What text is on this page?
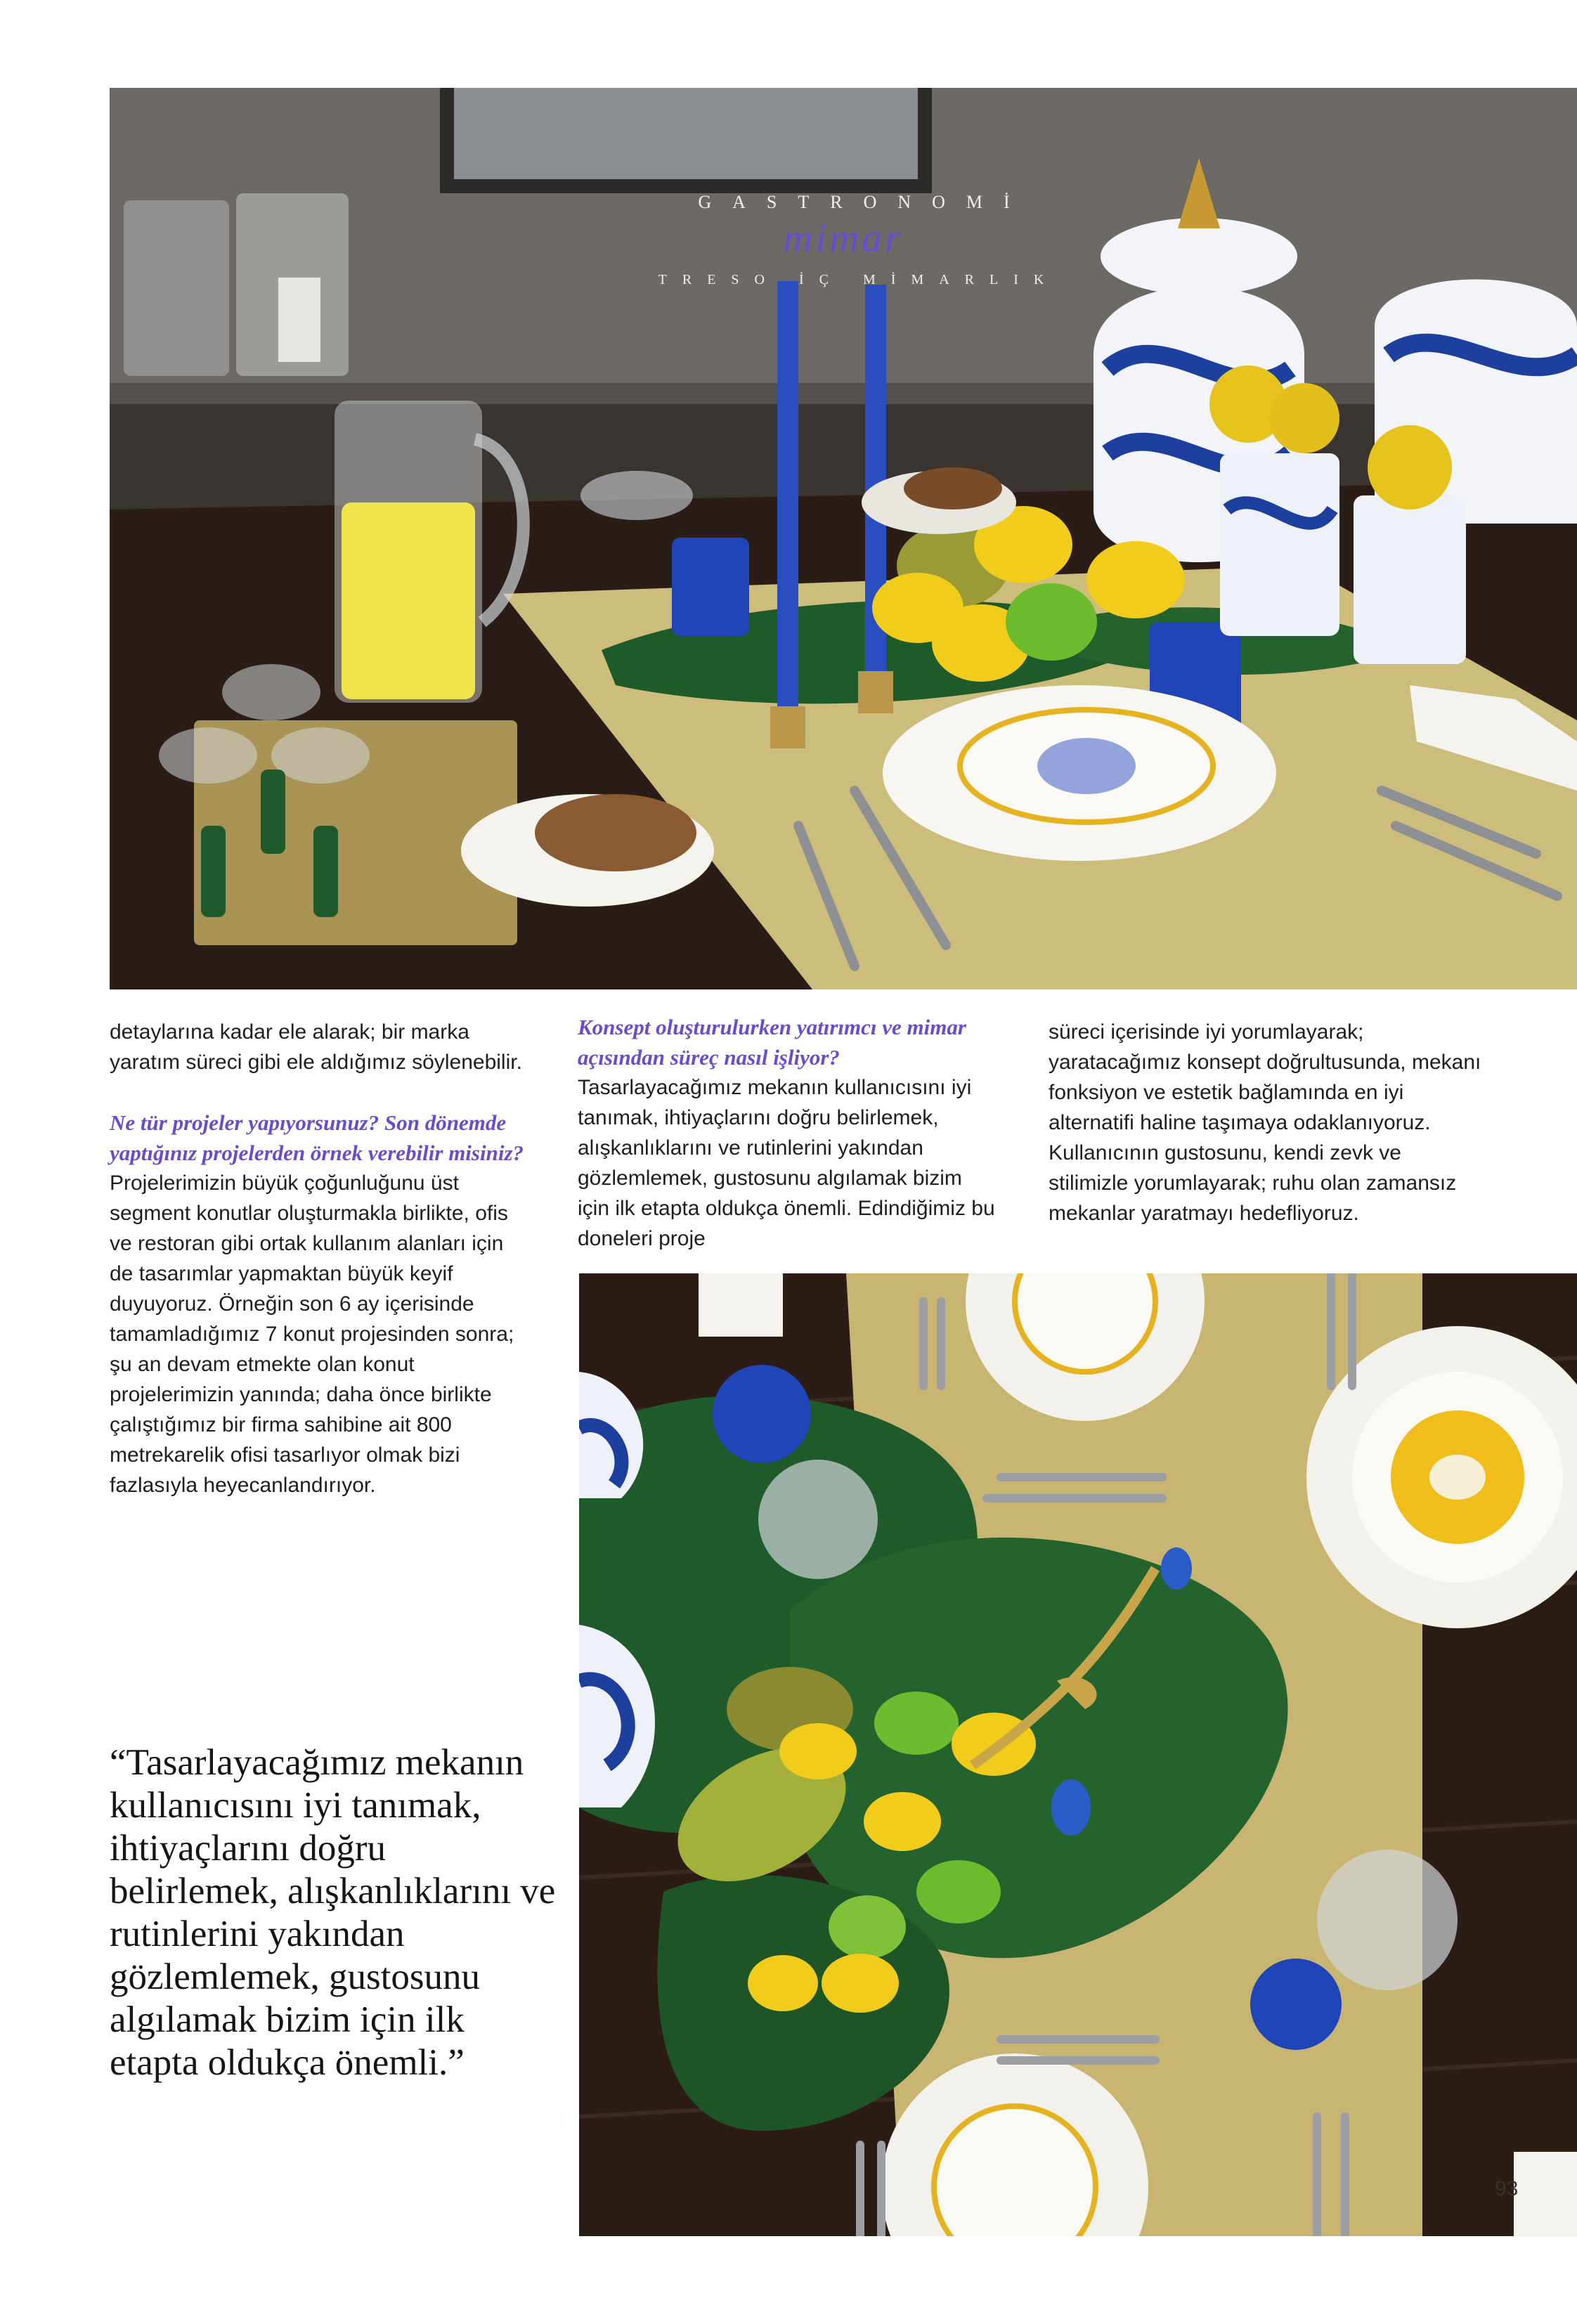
GASTRONOMİ
mimar
TRESO İÇ MİMARLIK

detaylarına kadar ele alarak; bir marka yaratım süreci gibi ele aldığımız söylenebilir.

Ne tür projeler yapıyorsunuz? Son dönemde yaptığınız projelerden örnek verebilir misiniz?

Projelerimizin büyük çoğunluğunu üst segment konutlar oluşturmakla birlikte, ofis ve restoran gibi ortak kullanım alanları için de tasarımlar yapmaktan büyük keyif duyuyoruz. Örneğin son 6 ay içerisinde tamamladığımız 7 konut projesinden sonra; şu an devam etmekte olan konut projelerimizin yanında; daha önce birlikte çalıştığımız bir firma sahibine ait 800 metrekarelik ofisi tasarlıyor olmak bizi fazlasıyla heyecanlandırıyor.

Konsept oluşturulurken yatırımcı ve mimar açısından süreç nasıl işliyor?

Tasarlayacağımız mekanın kullanıcısını iyi tanımak, ihtiyaçlarını doğru belirlemek, alışkanlıklarını ve rutinlerini yakından gözlemlemek, gustosunu algılamak bizim için ilk etapta oldukça önemli. Edindiğimiz bu doneleri proje

süreci içerisinde iyi yorumlayarak; yaratacağımız konsept doğrultusunda, mekanı fonksiyon ve estetik bağlamında en iyi alternatifi haline taşımaya odaklanıyoruz. Kullanıcının gustosunu, kendi zevk ve stilimizle yorumlayarak; ruhu olan zamansız mekanlar yaratmayı hedefliyoruz.

“Tasarlayacağımız mekanın kullanıcısını iyi tanımak, ihtiyaçlarını doğru belirlemek, alışkanlıklarını ve rutinlerini yakından gözlemlemek, gustosunu algılamak bizim için ilk etapta oldukça önemli.”
93
